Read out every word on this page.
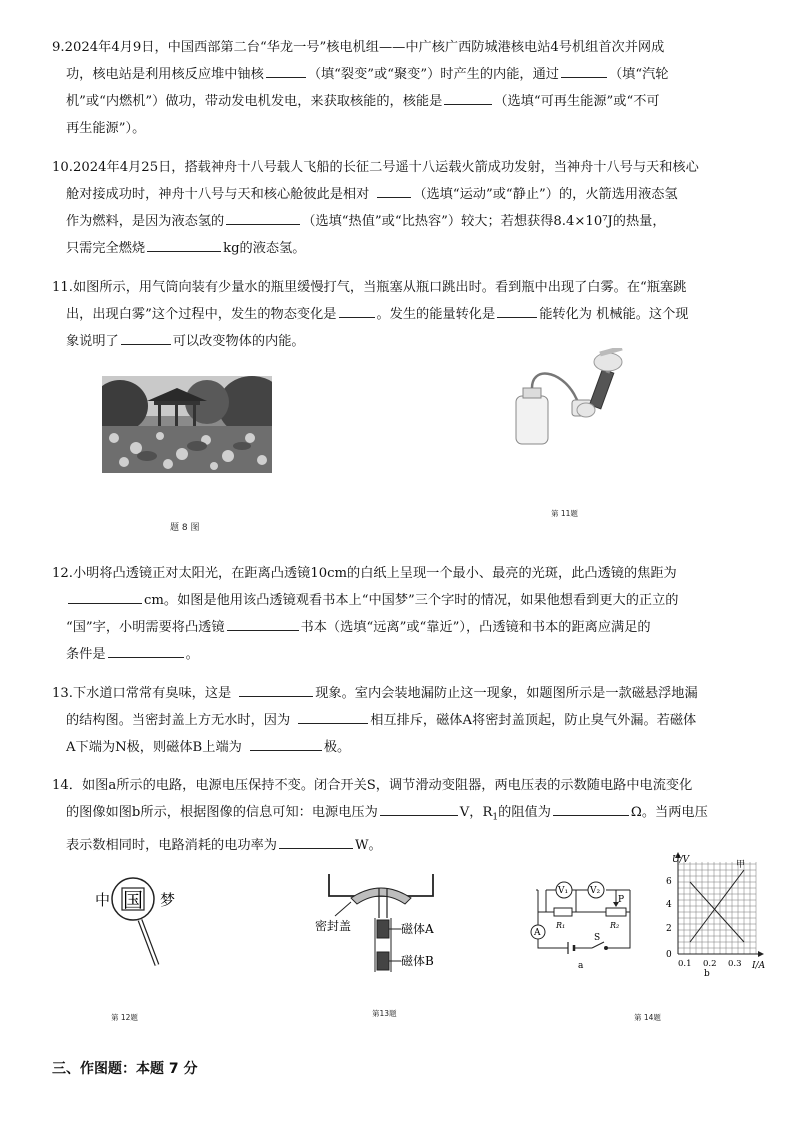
9.2024年4月9日，中国西部第二台“华龙一号”核电机组——中广核广西防城港核电站4号机组首次并网成
功，核电站是利用核反应堆中铀核	（填“裂变”或“聚变”）时产生的内能，通过	（填“汽轮
机”或“内燃机”）做功，带动发电机发电，来获取核能的，核能是	（选填“可再生能源”或“不可
再生能源”）。
10.2024年4月25日，搭载神舟十八号载人飞船的长征二号遥十八运载火箭成功发射，当神舟十八号与天和核心
舱对接成功时，神舟十八号与天和核心舱彼此是相对	（选填“运动”或“静止”）的，火箭选用液态氢
作为燃料，是因为液态氢的	（选填“热值”或“比热容”）较大；若想获得8.4×10⁷J的热量，
只需完全燃烧	kg的液态氢。
11.如图所示，用气筒向装有少量水的瓶里缓慢打气，当瓶塞从瓶口跳出时。看到瓶中出现了白雾。在“瓶塞跳
出，出现白雾”这个过程中，发生的物态变化是	。发生的能量转化是	能转化为 机械能。这个现
象说明了	可以改变物体的内能。
题 8 图
第 11题
12.小明将凸透镜正对太阳光，在距离凸透镜10cm的白纸上呈现一个最小、最亮的光斑，此凸透镜的焦距为
cm。如图是他用该凸透镜观看书本上“中国梦”三个字时的情况，如果他想看到更大的正立的
“国”字，小明需要将凸透镜	书本（选填“远离”或“靠近”），凸透镜和书本的距离应满足的
条件是	。
13.下水道口常常有臭味，这是	现象。室内会装地漏防止这一现象，如题图所示是一款磁悬浮地漏
的结构图。当密封盖上方无水时，因为	相互排斥，磁体A将密封盖顶起，防止臭气外漏。若磁体
A下端为N极，则磁体B上端为	极。
14．如图a所示的电路，电源电压保持不变。闭合开关S，调节滑动变阻器，两电压表的示数随电路中电流变化
的图像如图b所示，根据图像的信息可知：电源电压为	V，$R_1$的阻值为	Ω。当两电压
表示数相同时，电路消耗的电功率为	W。
中 国 梦
第 12题
密封盖	磁体A
磁体B
第13题
V₁ V₂
A
P
R₁	R₂
S
a
U/V
I/A
甲
b
6
4
2
0
0.1 0.2 0.3
第 14题
三、作图题：本题 7 分
